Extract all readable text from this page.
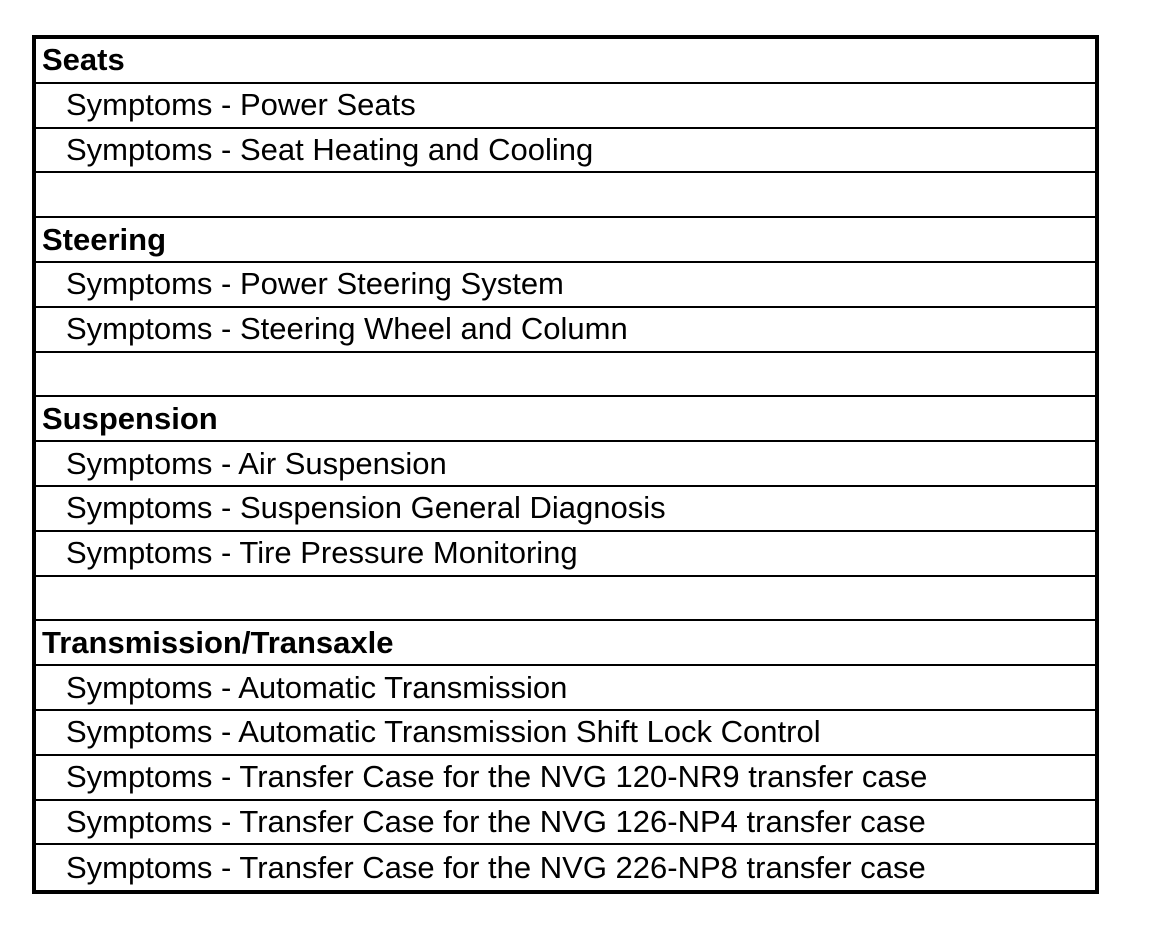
Seats
Symptoms - Power Seats
Symptoms - Seat Heating and Cooling
Steering
Symptoms - Power Steering System
Symptoms - Steering Wheel and Column
Suspension
Symptoms - Air Suspension
Symptoms - Suspension General Diagnosis
Symptoms - Tire Pressure Monitoring
Transmission/Transaxle
Symptoms - Automatic Transmission
Symptoms - Automatic Transmission Shift Lock Control
Symptoms - Transfer Case for the NVG 120-NR9 transfer case
Symptoms - Transfer Case for the NVG 126-NP4 transfer case
Symptoms - Transfer Case for the NVG 226-NP8 transfer case
